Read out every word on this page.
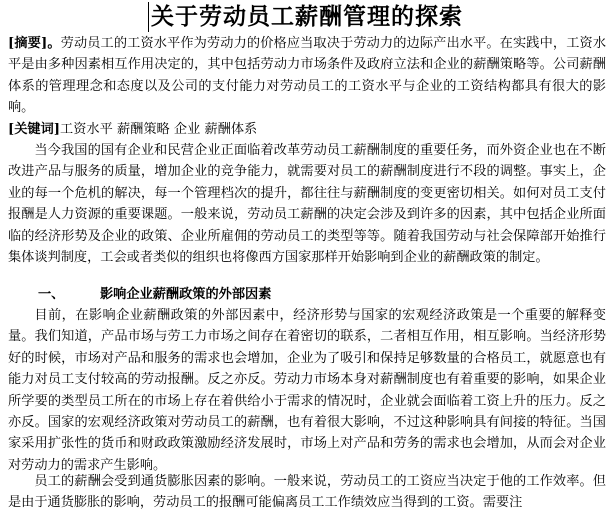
关于劳动员工薪酬管理的探索

[摘要]。劳动员工的工资水平作为劳动力的价格应当取决于劳动力的边际产出水平。在实践中，工资水平是由多种因素相互作用决定的，其中包括劳动力市场条件及政府立法和企业的薪酬策略等。公司薪酬体系的管理理念和态度以及公司的支付能力对劳动员工的工资水平与企业的工资结构都具有很大的影响。

[关键词]工资水平 薪酬策略 企业 薪酬体系

当今我国的国有企业和民营企业正面临着改革劳动员工薪酬制度的重要任务，而外资企业也在不断改进产品与服务的质量，增加企业的竞争能力，就需要对员工的薪酬制度进行不段的调整。事实上，企业的每一个危机的解决，每一个管理档次的提升，都往往与薪酬制度的变更密切相关。如何对员工支付报酬是人力资源的重要课题。一般来说，劳动员工薪酬的决定会涉及到许多的因素，其中包括企业所面临的经济形势及企业的政策、企业所雇佣的劳动员工的类型等等。随着我国劳动与社会保障部开始推行集体谈判制度，工会或者类似的组织也将像西方国家那样开始影响到企业的薪酬政策的制定。

一、	影响企业薪酬政策的外部因素

目前，在影响企业薪酬政策的外部因素中，经济形势与国家的宏观经济政策是一个重要的解释变量。我们知道，产品市场与劳工力市场之间存在着密切的联系，二者相互作用，相互影响。当经济形势好的时候，市场对产品和服务的需求也会增加，企业为了吸引和保持足够数量的合格员工，就愿意也有能力对员工支付较高的劳动报酬。反之亦反。劳动力市场本身对薪酬制度也有着重要的影响，如果企业所学要的类型员工所在的市场上存在着供给小于需求的情况时，企业就会面临着工资上升的压力。反之亦反。国家的宏观经济政策对劳动员工的薪酬，也有着很大影响，不过这种影响具有间接的特征。当国家采用扩张性的货币和财政政策激励经济发展时，市场上对产品和劳务的需求也会增加，从而会对企业对劳动力的需求产生影响。

员工的薪酬会受到通货膨胀因素的影响。一般来说，劳动员工的工资应当决定于他的工作效率。但是由于通货膨胀的影响，劳动员工的报酬可能偏离员工工作绩效应当得到的工资。需要注
